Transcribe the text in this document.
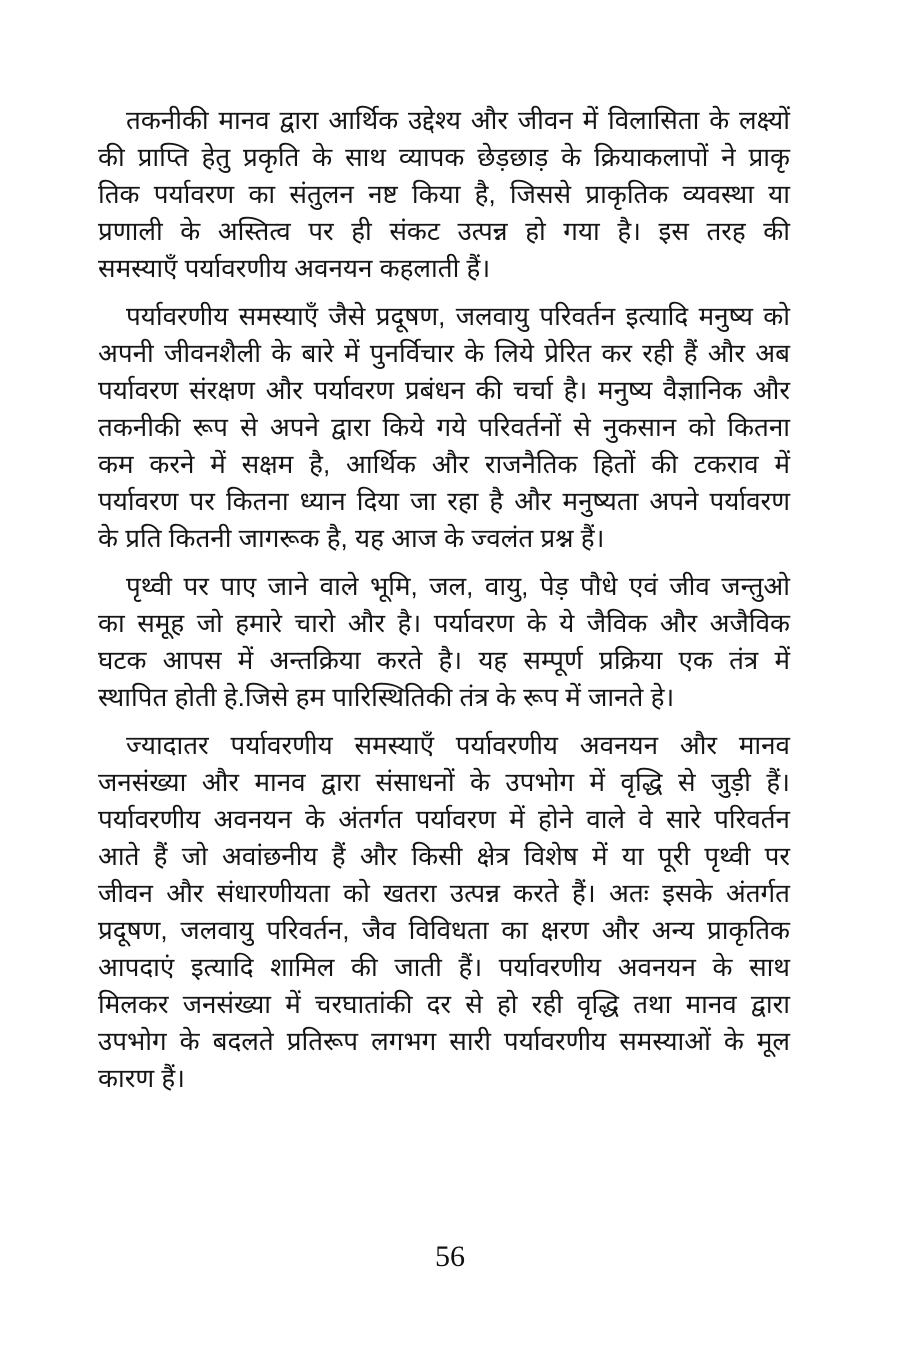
तकनीकी मानव द्वारा आर्थिक उद्देश्य और जीवन में विलासिता के लक्ष्यों
की प्राप्ति हेतु प्रकृति के साथ व्यापक छेड़छाड़ के क्रियाकलापों ने प्राकृ
तिक पर्यावरण का संतुलन नष्ट किया है, जिससे प्राकृतिक व्यवस्था या
प्रणाली के अस्तित्व पर ही संकट उत्पन्न हो गया है। इस तरह की
समस्याएँ पर्यावरणीय अवनयन कहलाती हैं।
पर्यावरणीय समस्याएँ जैसे प्रदूषण, जलवायु परिवर्तन इत्यादि मनुष्य को
अपनी जीवनशैली के बारे में पुनर्विचार के लिये प्रेरित कर रही हैं और अब
पर्यावरण संरक्षण और पर्यावरण प्रबंधन की चर्चा है। मनुष्य वैज्ञानिक और
तकनीकी रूप से अपने द्वारा किये गये परिवर्तनों से नुकसान को कितना
कम करने में सक्षम है, आर्थिक और राजनैतिक हितों की टकराव में
पर्यावरण पर कितना ध्यान दिया जा रहा है और मनुष्यता अपने पर्यावरण
के प्रति कितनी जागरूक है, यह आज के ज्वलंत प्रश्न हैं।
पृथ्वी पर पाए जाने वाले भूमि, जल, वायु, पेड़ पौधे एवं जीव जन्तुओ
का समूह जो हमारे चारो और है। पर्यावरण के ये जैविक और अजैविक
घटक आपस में अन्तक्रिया करते है। यह सम्पूर्ण प्रक्रिया एक तंत्र में
स्थापित होती हे.जिसे हम पारिस्थितिकी तंत्र के रूप में जानते हे।
ज्यादातर पर्यावरणीय समस्याएँ पर्यावरणीय अवनयन और मानव
जनसंख्या और मानव द्वारा संसाधनों के उपभोग में वृद्धि से जुड़ी हैं।
पर्यावरणीय अवनयन के अंतर्गत पर्यावरण में होने वाले वे सारे परिवर्तन
आते हैं जो अवांछनीय हैं और किसी क्षेत्र विशेष में या पूरी पृथ्वी पर
जीवन और संधारणीयता को खतरा उत्पन्न करते हैं। अतः इसके अंतर्गत
प्रदूषण, जलवायु परिवर्तन, जैव विविधता का क्षरण और अन्य प्राकृतिक
आपदाएं इत्यादि शामिल की जाती हैं। पर्यावरणीय अवनयन के साथ
मिलकर जनसंख्या में चरघातांकी दर से हो रही वृद्धि तथा मानव द्वारा
उपभोग के बदलते प्रतिरूप लगभग सारी पर्यावरणीय समस्याओं के मूल
कारण हैं।
56
